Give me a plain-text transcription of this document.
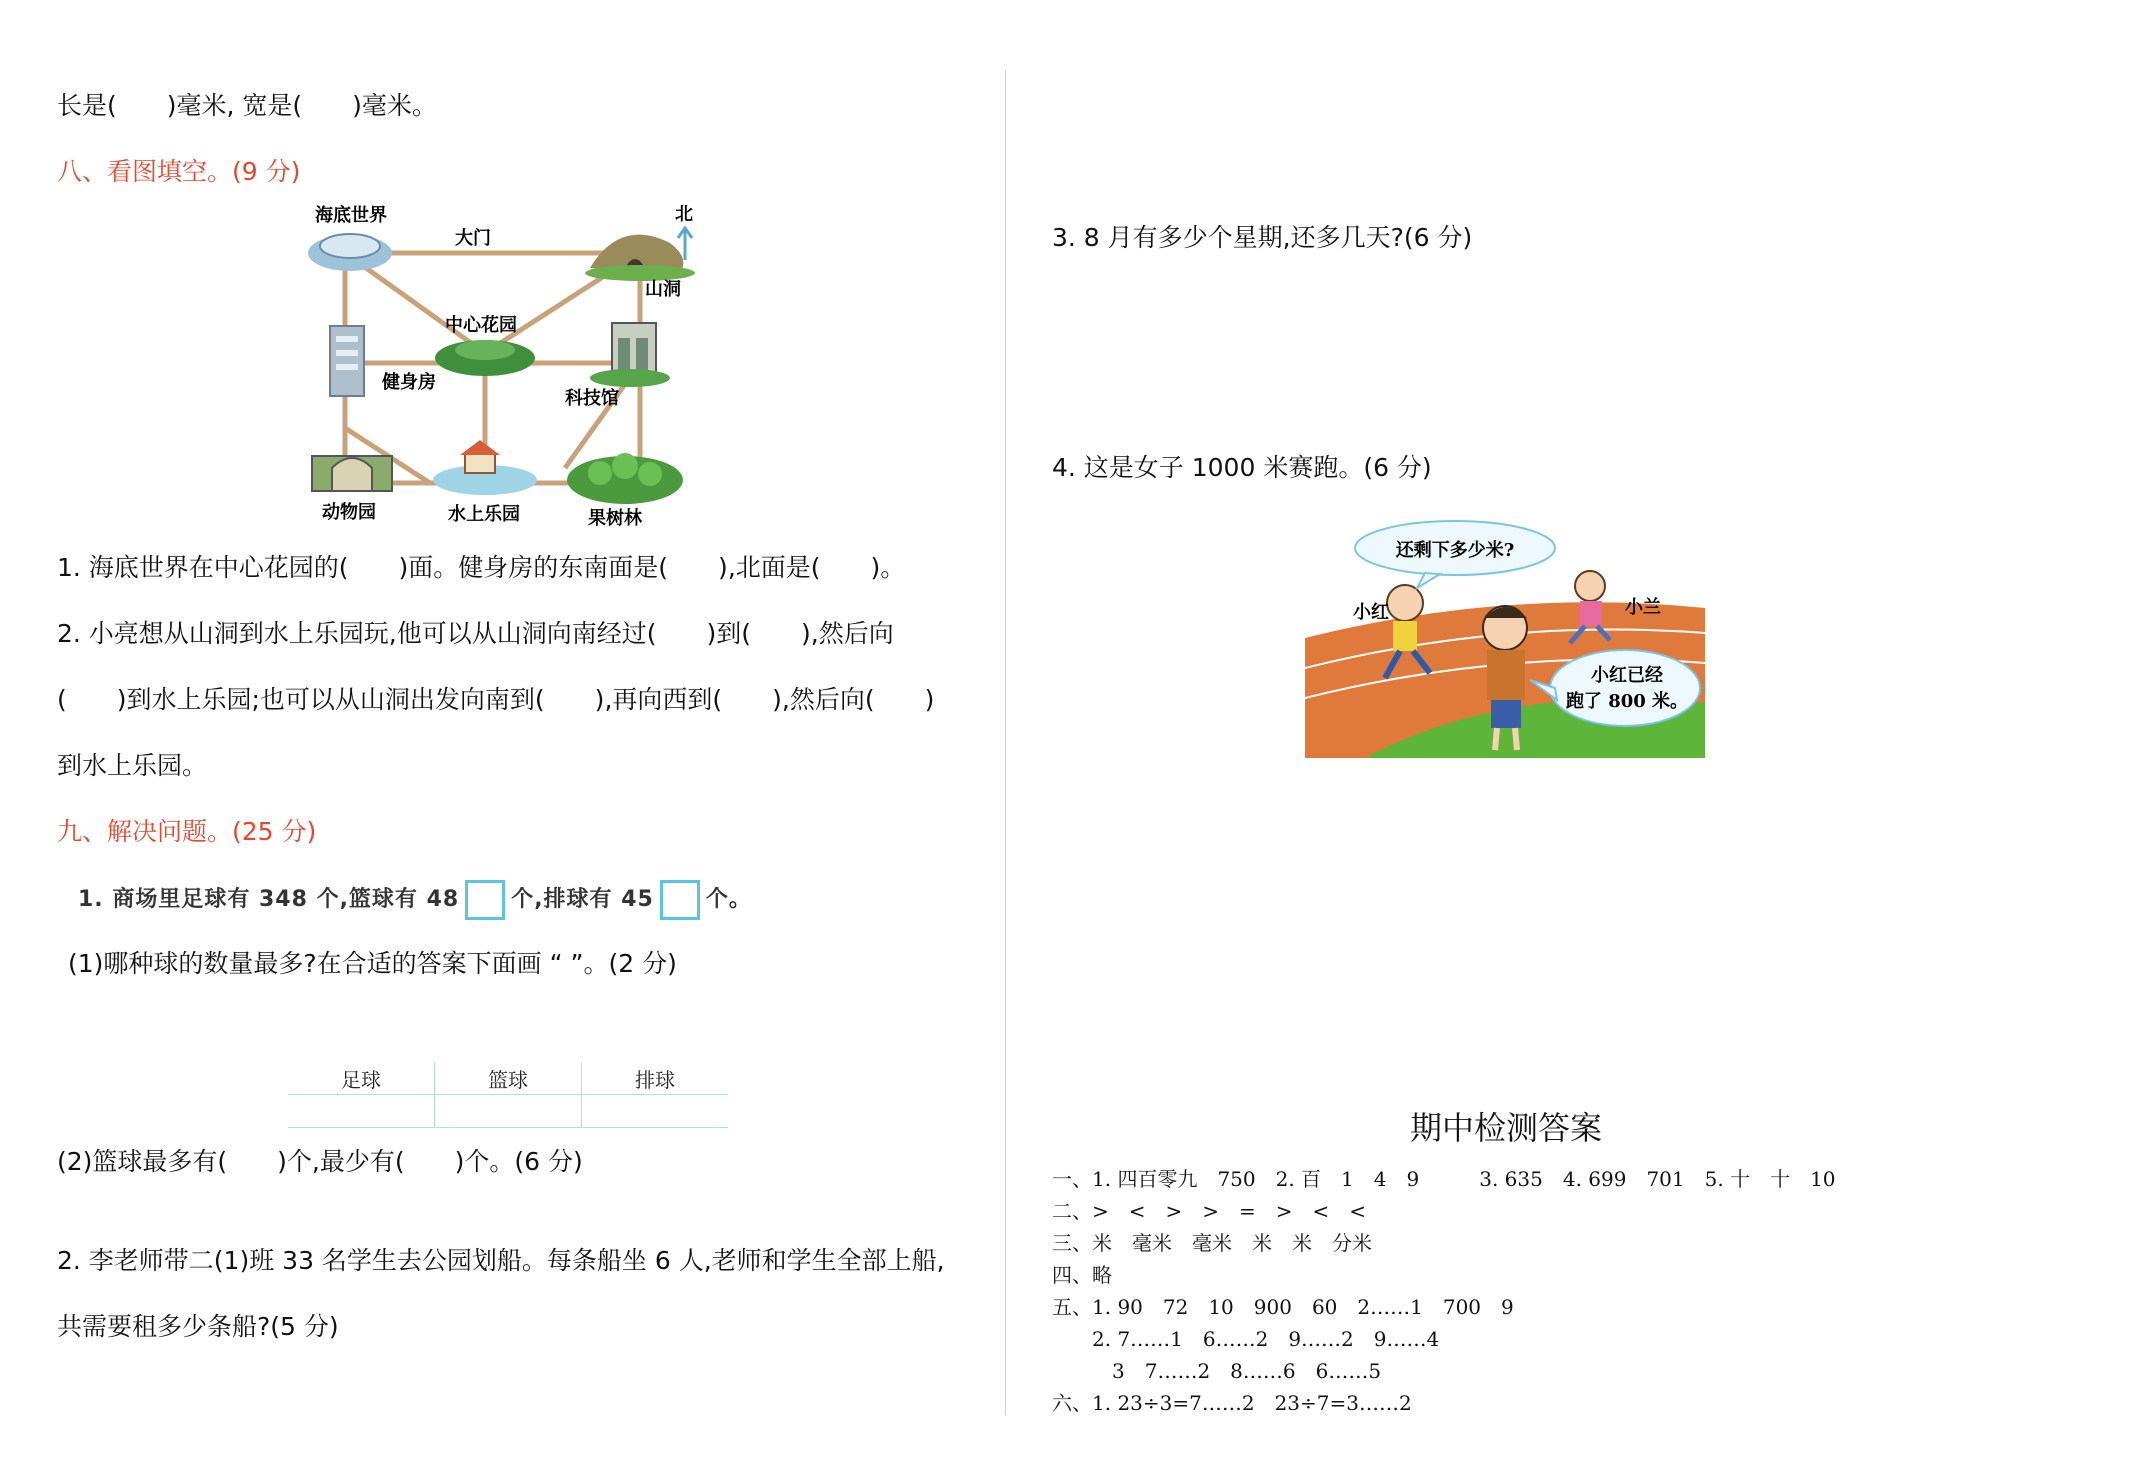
长是(　　)毫米, 宽是(　　)毫米。
八、看图填空。(9 分)
海底世界
大门
北
山洞
中心花园
健身房
科技馆
动物园	水上乐园	果树林
1. 海底世界在中心花园的(　　)面。健身房的东南面是(　　),北面是(　　)。
2. 小亮想从山洞到水上乐园玩,他可以从山洞向南经过(　　)到(　　),然后向
(　　)到水上乐园;也可以从山洞出发向南到(　　),再向西到(　　),然后向(　　)
到水上乐园。
九、解决问题。(25 分)
1. 商场里足球有 348 个,篮球有 48 个,排球有 45 个。
(1)哪种球的数量最多?在合适的答案下面画 “ ”。(2 分)
足球	篮球	排球

(2)篮球最多有(　　)个,最少有(　　)个。(6 分)
2. 李老师带二(1)班 33 名学生去公园划船。每条船坐 6 人,老师和学生全部上船,
共需要租多少条船?(5 分)
3. 8 月有多少个星期,还多几天?(6 分)
4. 这是女子 1000 米赛跑。(6 分)
还剩下多少米?
小红已经
跑了 800 米。
小红	小兰
期中检测答案
一、1. 四百零九　750　2. 百　1　4　9　　　3. 635　4. 699　701　5. 十　十　10
二、>　<　>　>　=　>　<　<
三、米　毫米　毫米　米　米　分米
四、略
五、1. 90　72　10　900　60　2……1　700　9
　　2. 7……1　6……2　9……2　9……4
　　　3　7……2　8……6　6……5
六、1. 23÷3=7……2　23÷7=3……2
